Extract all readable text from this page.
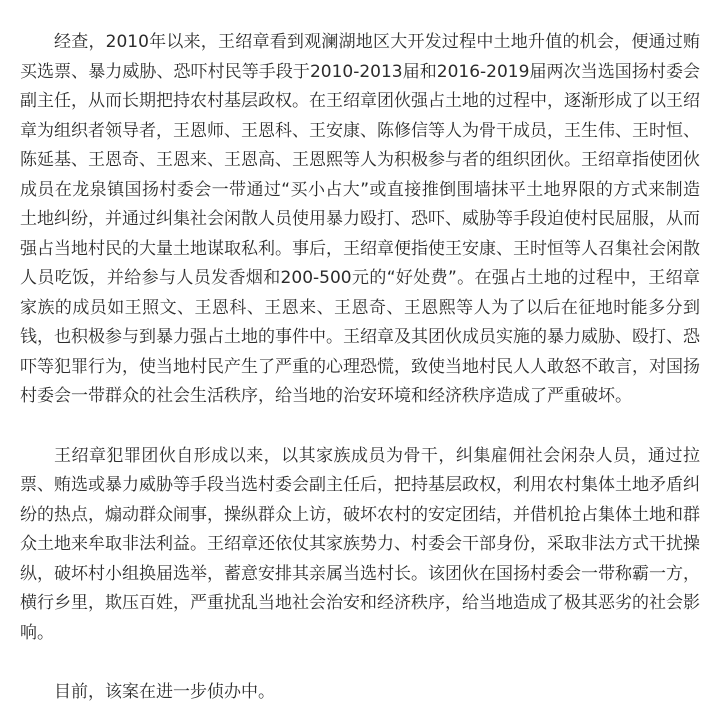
经查，2010年以来，王绍章看到观澜湖地区大开发过程中土地升值的机会，便通过贿买选票、暴力威胁、恐吓村民等手段于2010-2013届和2016-2019届两次当选国扬村委会副主任，从而长期把持农村基层政权。在王绍章团伙强占土地的过程中，逐渐形成了以王绍章为组织者领导者，王恩师、王恩科、王安康、陈修信等人为骨干成员，王生伟、王时恒、陈延基、王恩奇、王恩来、王恩高、王恩熙等人为积极参与者的组织团伙。王绍章指使团伙成员在龙泉镇国扬村委会一带通过“买小占大”或直接推倒围墙抹平土地界限的方式来制造土地纠纷，并通过纠集社会闲散人员使用暴力殴打、恐吓、威胁等手段迫使村民屈服，从而强占当地村民的大量土地谋取私利。事后，王绍章便指使王安康、王时恒等人召集社会闲散人员吃饭，并给参与人员发香烟和200-500元的“好处费”。在强占土地的过程中，王绍章家族的成员如王照文、王恩科、王恩来、王恩奇、王恩熙等人为了以后在征地时能多分到钱，也积极参与到暴力强占土地的事件中。王绍章及其团伙成员实施的暴力威胁、殴打、恐吓等犯罪行为，使当地村民产生了严重的心理恐慌，致使当地村民人人敢怒不敢言，对国扬村委会一带群众的社会生活秩序，给当地的治安环境和经济秩序造成了严重破坏。

王绍章犯罪团伙自形成以来，以其家族成员为骨干，纠集雇佣社会闲杂人员，通过拉票、贿选或暴力威胁等手段当选村委会副主任后，把持基层政权，利用农村集体土地矛盾纠纷的热点，煽动群众闹事，操纵群众上访，破坏农村的安定团结，并借机抢占集体土地和群众土地来牟取非法利益。王绍章还依仗其家族势力、村委会干部身份，采取非法方式干扰操纵，破坏村小组换届选举，蓄意安排其亲属当选村长。该团伙在国扬村委会一带称霸一方，横行乡里，欺压百姓，严重扰乱当地社会治安和经济秩序，给当地造成了极其恶劣的社会影响。

目前，该案在进一步侦办中。
